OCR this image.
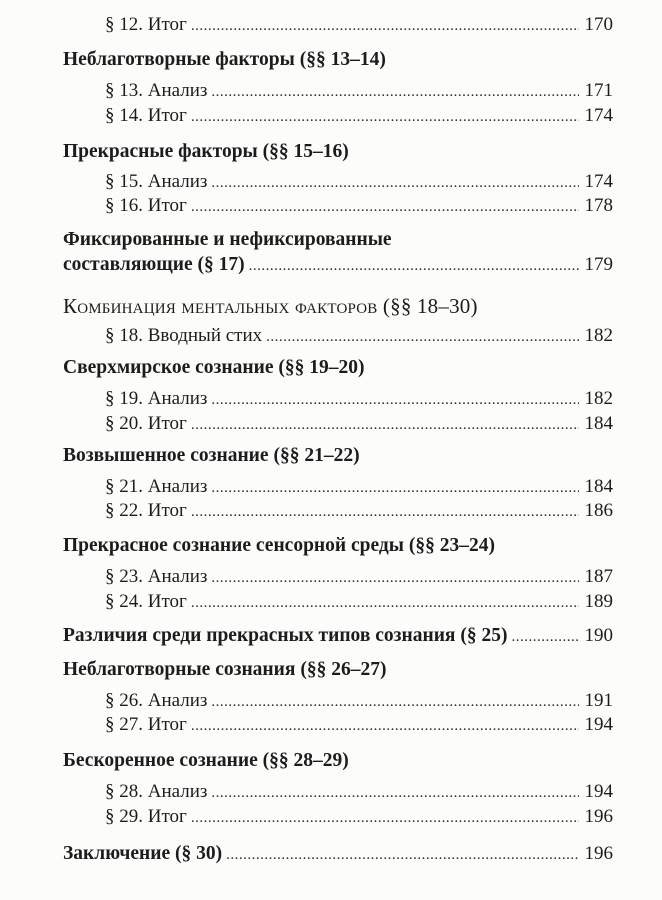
§ 12. Итог .....	170
Неблаготворные факторы (§§ 13–14)
§ 13. Анализ .....	171
§ 14. Итог .....	174
Прекрасные факторы (§§ 15–16)
§ 15. Анализ .....	174
§ 16. Итог .....	178
Фиксированные и нефиксированные
составляющие (§ 17) .....	179
Комбинация ментальных факторов (§§ 18–30)
§ 18. Вводный стих .....	182
Сверхмирское сознание (§§ 19–20)
§ 19. Анализ .....	182
§ 20. Итог .....	184
Возвышенное сознание (§§ 21–22)
§ 21. Анализ .....	184
§ 22. Итог .....	186
Прекрасное сознание сенсорной среды (§§ 23–24)
§ 23. Анализ .....	187
§ 24. Итог .....	189
Различия среди прекрасных типов сознания (§ 25) .....	190
Неблаготворные сознания (§§ 26–27)
§ 26. Анализ .....	191
§ 27. Итог .....	194
Бескоренное сознание (§§ 28–29)
§ 28. Анализ .....	194
§ 29. Итог .....	196
Заключение (§ 30) .....	196
